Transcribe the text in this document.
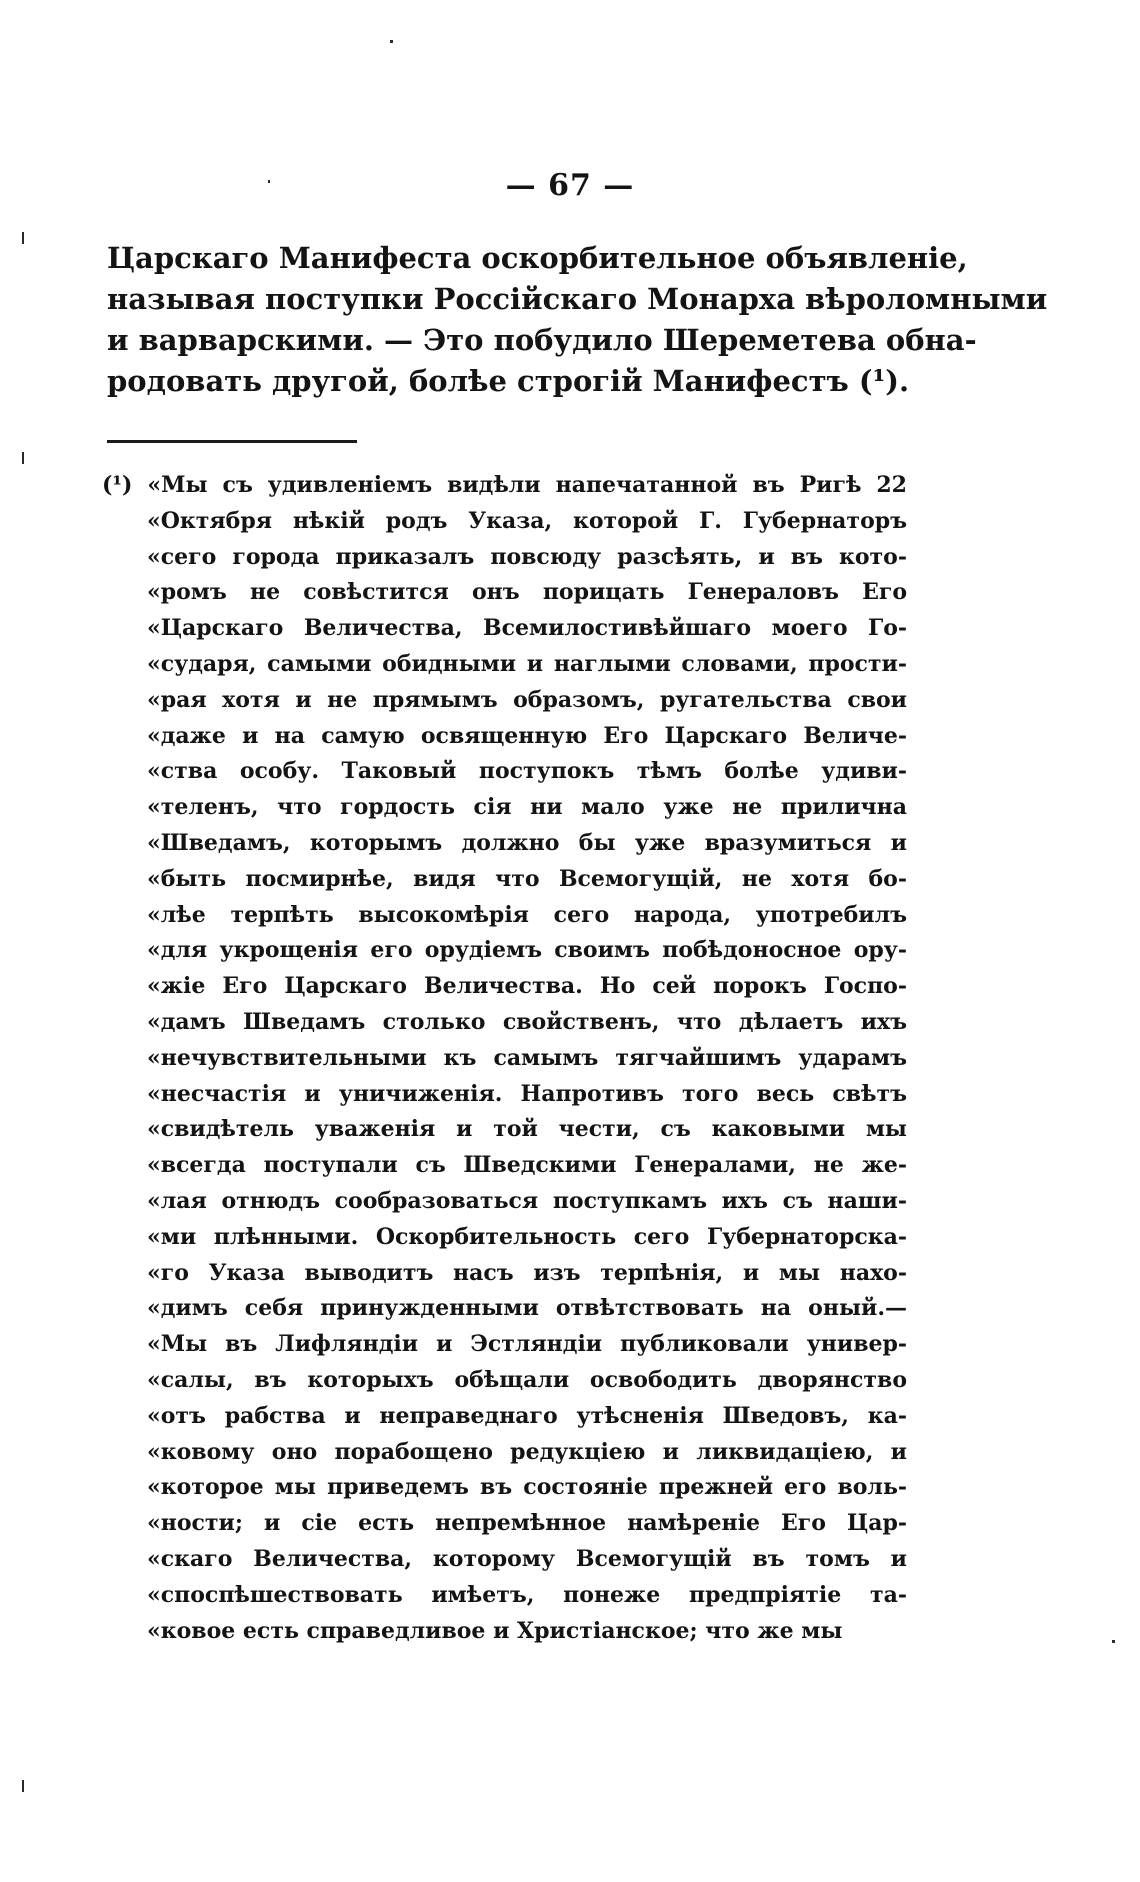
— 67 —
Царскаго Манифеста оскорбительное объявленіе,
называя поступки Россійскаго Монарха вѣроломными
и варварскими. — Это побудило Шереметева обна-
родовать другой, болѣе строгій Манифестъ (¹).
(¹) «Мы съ удивленіемъ видѣли напечатанной въ Ригѣ 22
«Октября нѣкій родъ Указа, которой Г. Губернаторъ
«сего города приказалъ повсюду разсѣять, и въ кото-
«ромъ не совѣстится онъ порицать Генераловъ Его
«Царскаго Величества, Всемилостивѣйшаго моего Го-
«сударя, самыми обидными и наглыми словами, прости-
«рая хотя и не прямымъ образомъ, ругательства свои
«даже и на самую освященную Его Царскаго Величе-
«ства особу. Таковый поступокъ тѣмъ болѣе удиви-
«теленъ, что гордость сія ни мало уже не прилична
«Шведамъ, которымъ должно бы уже вразумиться и
«быть посмирнѣе, видя что Всемогущій, не хотя бо-
«лѣе терпѣть высокомѣрія сего народа, употребилъ
«для укрощенія его орудіемъ своимъ побѣдоносное ору-
«жіе Его Царскаго Величества. Но сей порокъ Госпо-
«дамъ Шведамъ столько свойственъ, что дѣлаетъ ихъ
«нечувствительными къ самымъ тягчайшимъ ударамъ
«несчастія и уничиженія. Напротивъ того весь свѣтъ
«свидѣтель уваженія и той чести, съ каковыми мы
«всегда поступали съ Шведскими Генералами, не же-
«лая отнюдъ сообразоваться поступкамъ ихъ съ наши-
«ми плѣнными. Оскорбительность сего Губернаторска-
«го Указа выводитъ насъ изъ терпѣнія, и мы нахо-
«димъ себя принужденными отвѣтствовать на оный.—
«Мы въ Лифляндіи и Эстляндіи публиковали универ-
«салы, въ которыхъ обѣщали освободить дворянство
«отъ рабства и неправеднаго утѣсненія Шведовъ, ка-
«ковому оно порабощено редукціею и ликвидаціею, и
«которое мы приведемъ въ состояніе прежней его воль-
«ности; и сіе есть непремѣнное намѣреніе Его Цар-
«скаго Величества, которому Всемогущій въ томъ и
«споспѣшествовать имѣетъ, понеже предпріятіе та-
«ковое есть справедливое и Христіанское; что же мы
